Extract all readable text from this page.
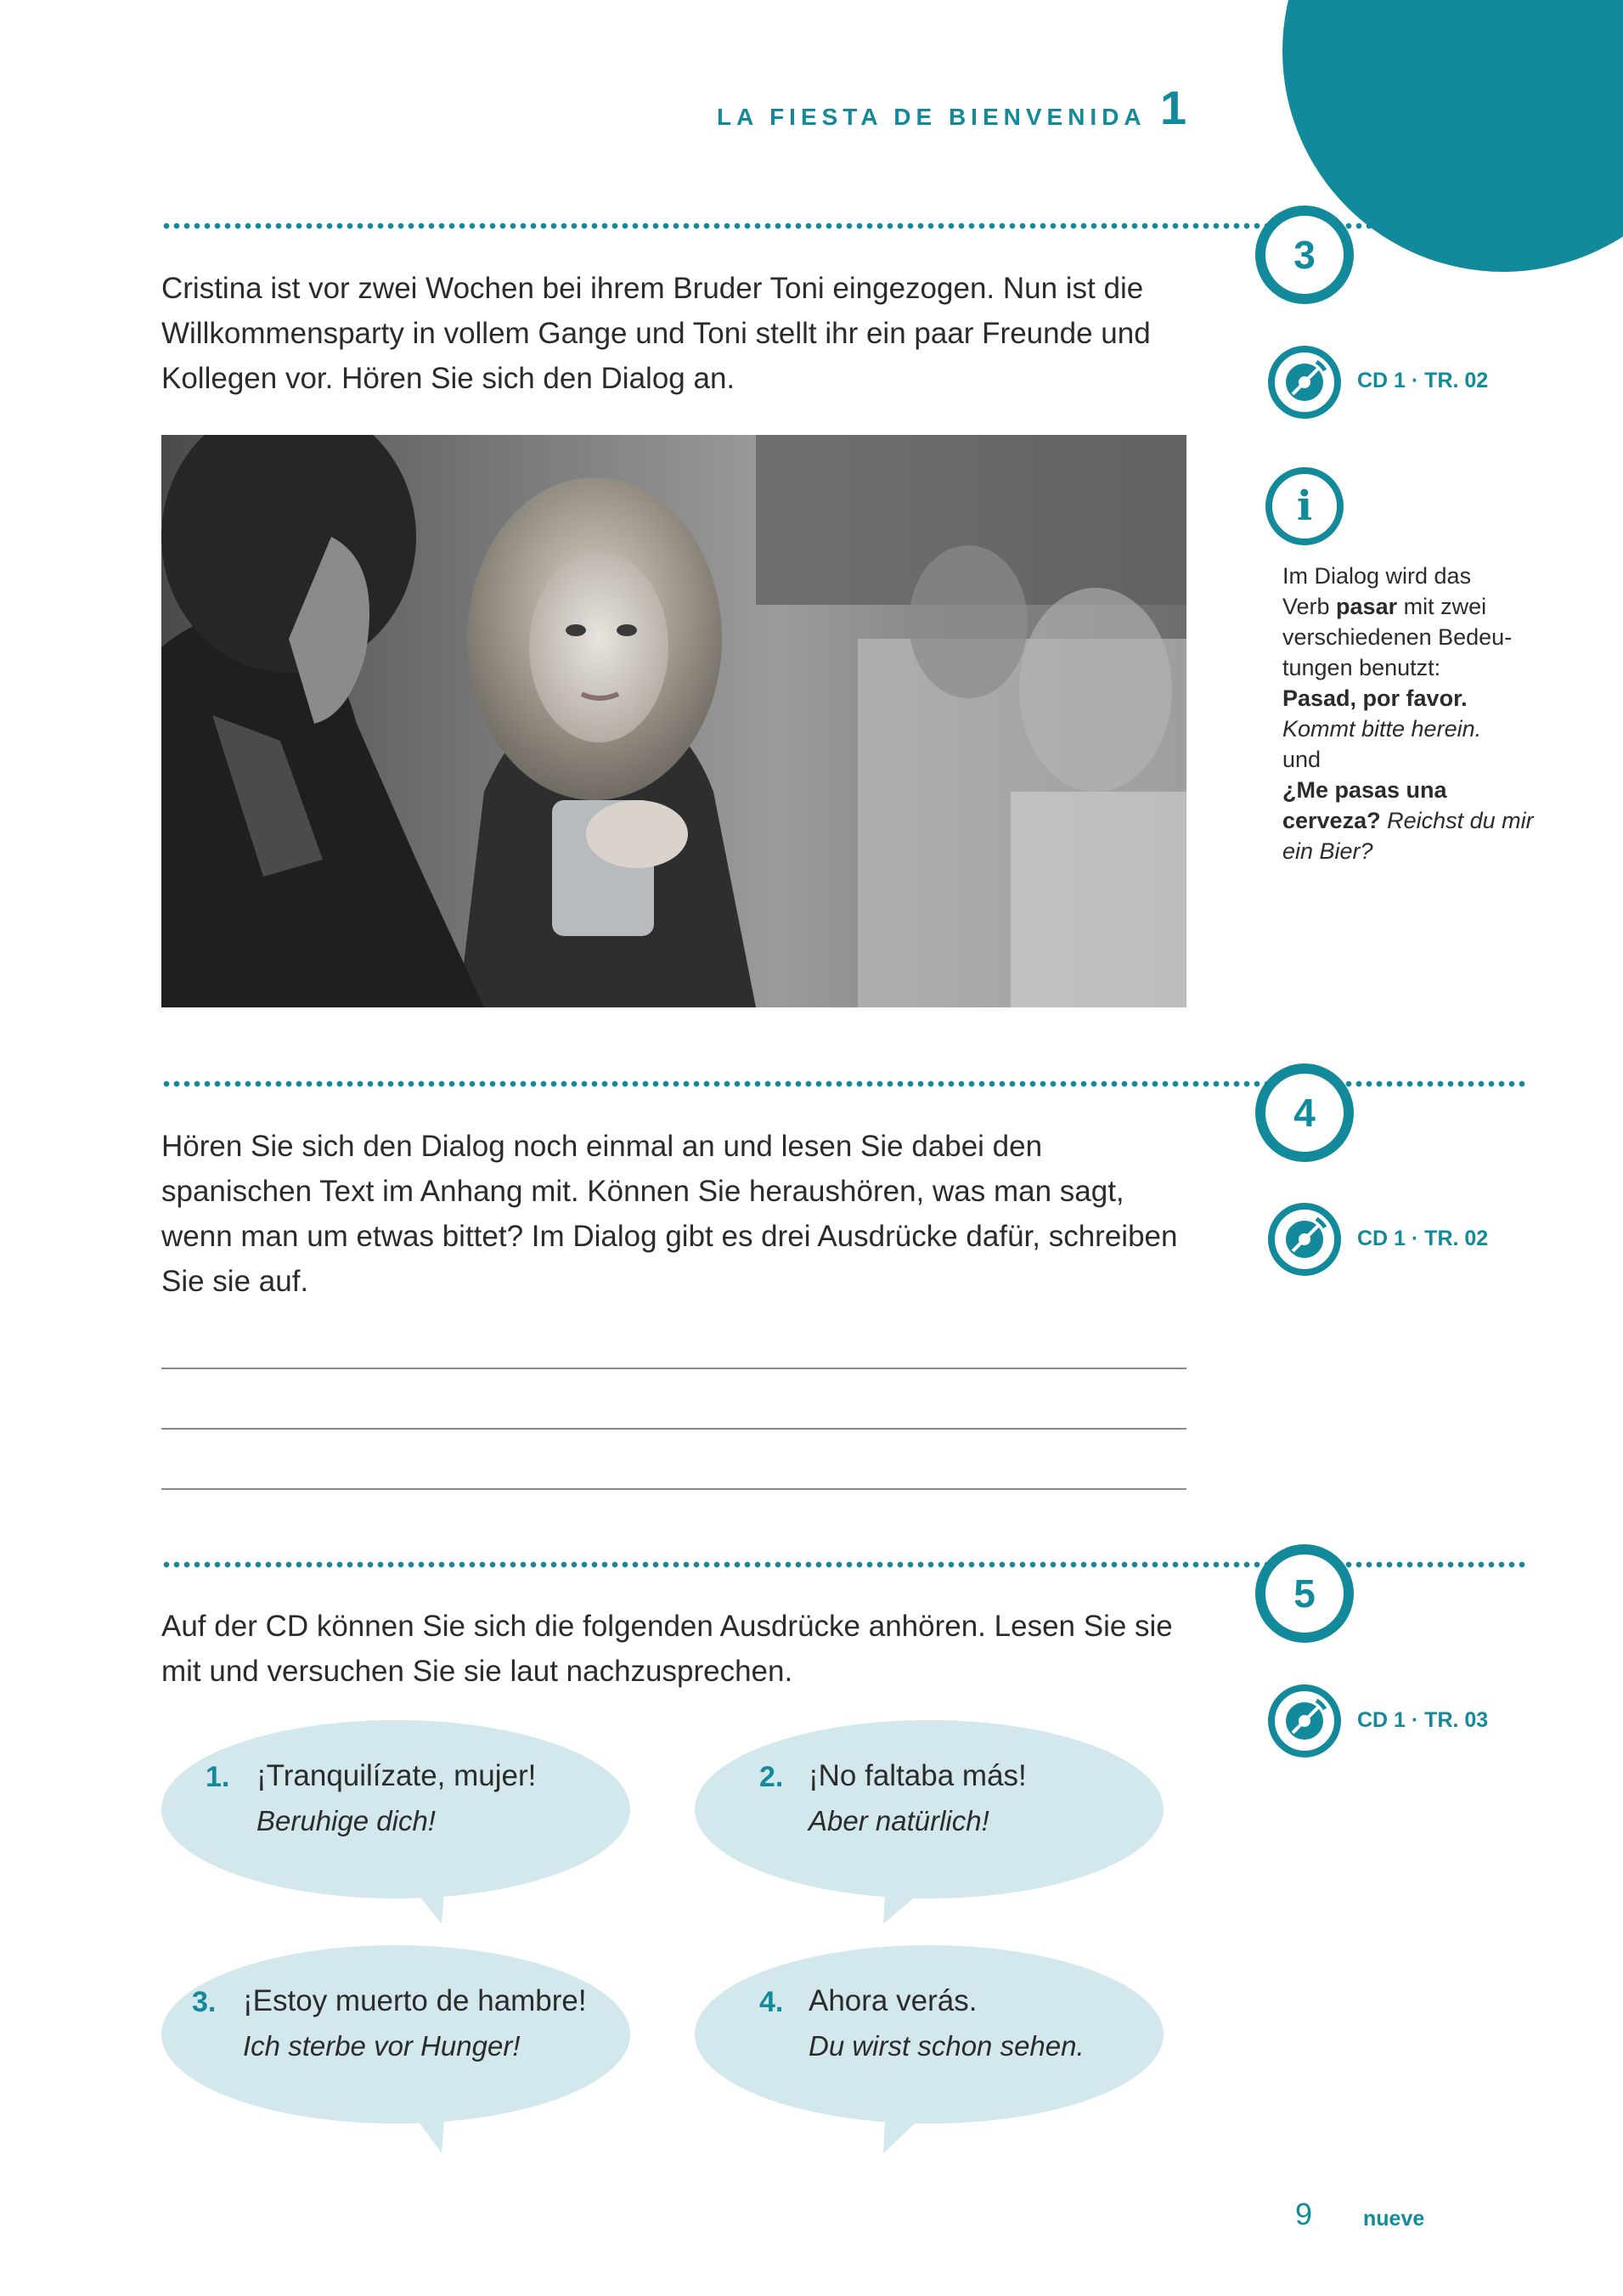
LA FIESTA DE BIENVENIDA 1
3
CD 1 · TR. 02
Cristina ist vor zwei Wochen bei ihrem Bruder Toni eingezogen. Nun ist die Willkommensparty in vollem Gange und Toni stellt ihr ein paar Freunde und Kollegen vor. Hören Sie sich den Dialog an.
i
Im Dialog wird das
Verb pasar mit zwei
verschiedenen Bedeu-
tungen benutzt:
Pasad, por favor.
Kommt bitte herein.
und
¿Me pasas una
cerveza? Reichst du mir
ein Bier?
4
CD 1 · TR. 02
Hören Sie sich den Dialog noch einmal an und lesen Sie dabei den spanischen Text im Anhang mit. Können Sie heraushören, was man sagt, wenn man um etwas bittet? Im Dialog gibt es drei Ausdrücke dafür, schreiben Sie sie auf.
5
CD 1 · TR. 03
Auf der CD können Sie sich die folgenden Ausdrücke anhören. Lesen Sie sie mit und versuchen Sie sie laut nachzusprechen.
1. ¡Tranquilízate, mujer!
Beruhige dich!
2. ¡No faltaba más!
Aber natürlich!
3. ¡Estoy muerto de hambre!
Ich sterbe vor Hunger!
4. Ahora verás.
Du wirst schon sehen.
9 nueve
